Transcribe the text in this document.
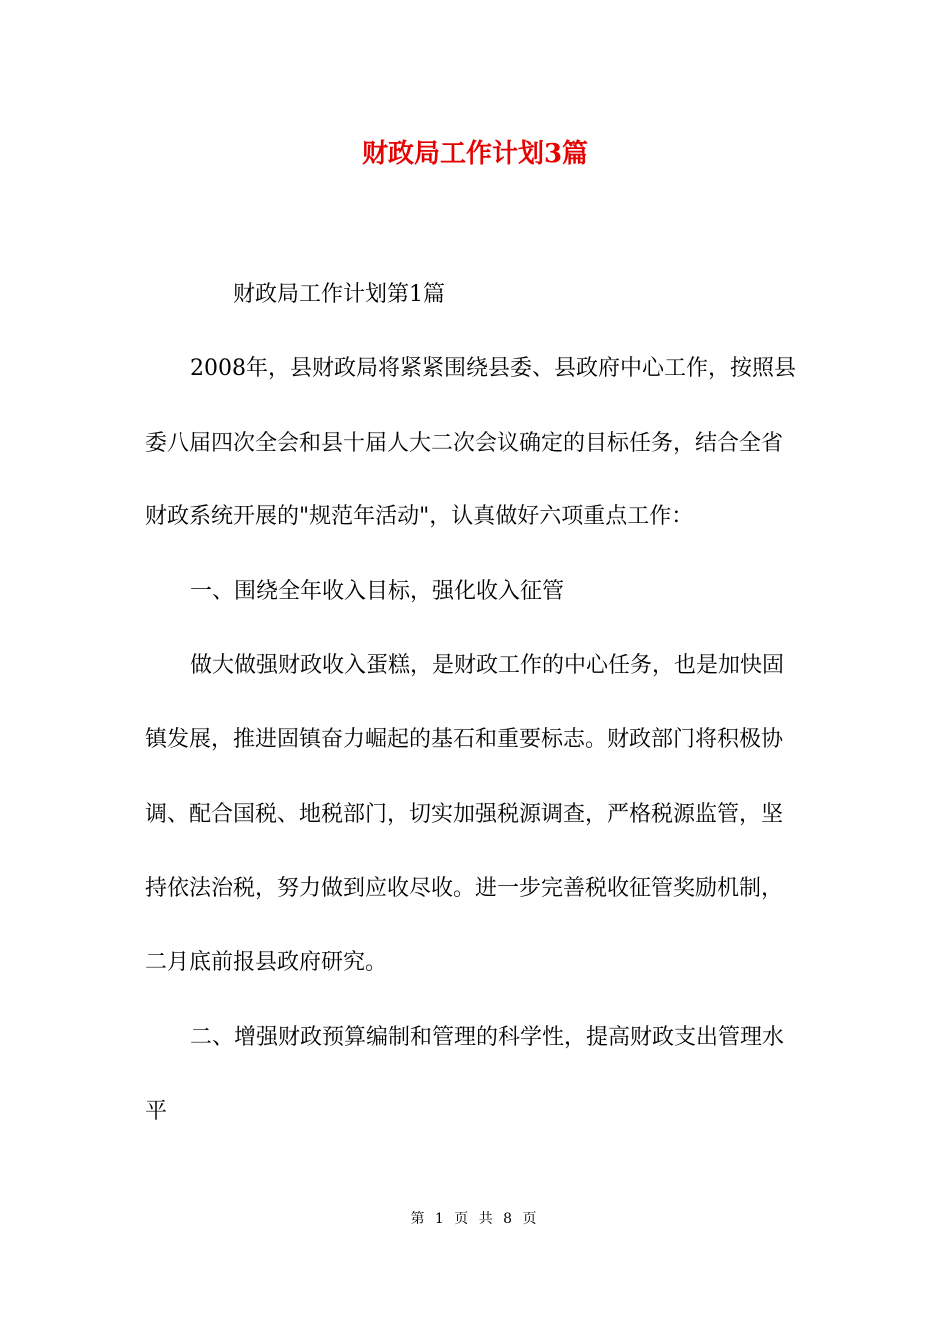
财政局工作计划3篇
财政局工作计划第1篇
2008年，县财政局将紧紧围绕县委、县政府中心工作，按照县
委八届四次全会和县十届人大二次会议确定的目标任务，结合全省
财政系统开展的"规范年活动"，认真做好六项重点工作：
一、围绕全年收入目标，强化收入征管
做大做强财政收入蛋糕，是财政工作的中心任务，也是加快固
镇发展，推进固镇奋力崛起的基石和重要标志。财政部门将积极协
调、配合国税、地税部门，切实加强税源调查，严格税源监管，坚
持依法治税，努力做到应收尽收。进一步完善税收征管奖励机制，
二月底前报县政府研究。
二、增强财政预算编制和管理的科学性，提高财政支出管理水
平
第 1 页 共 8 页
